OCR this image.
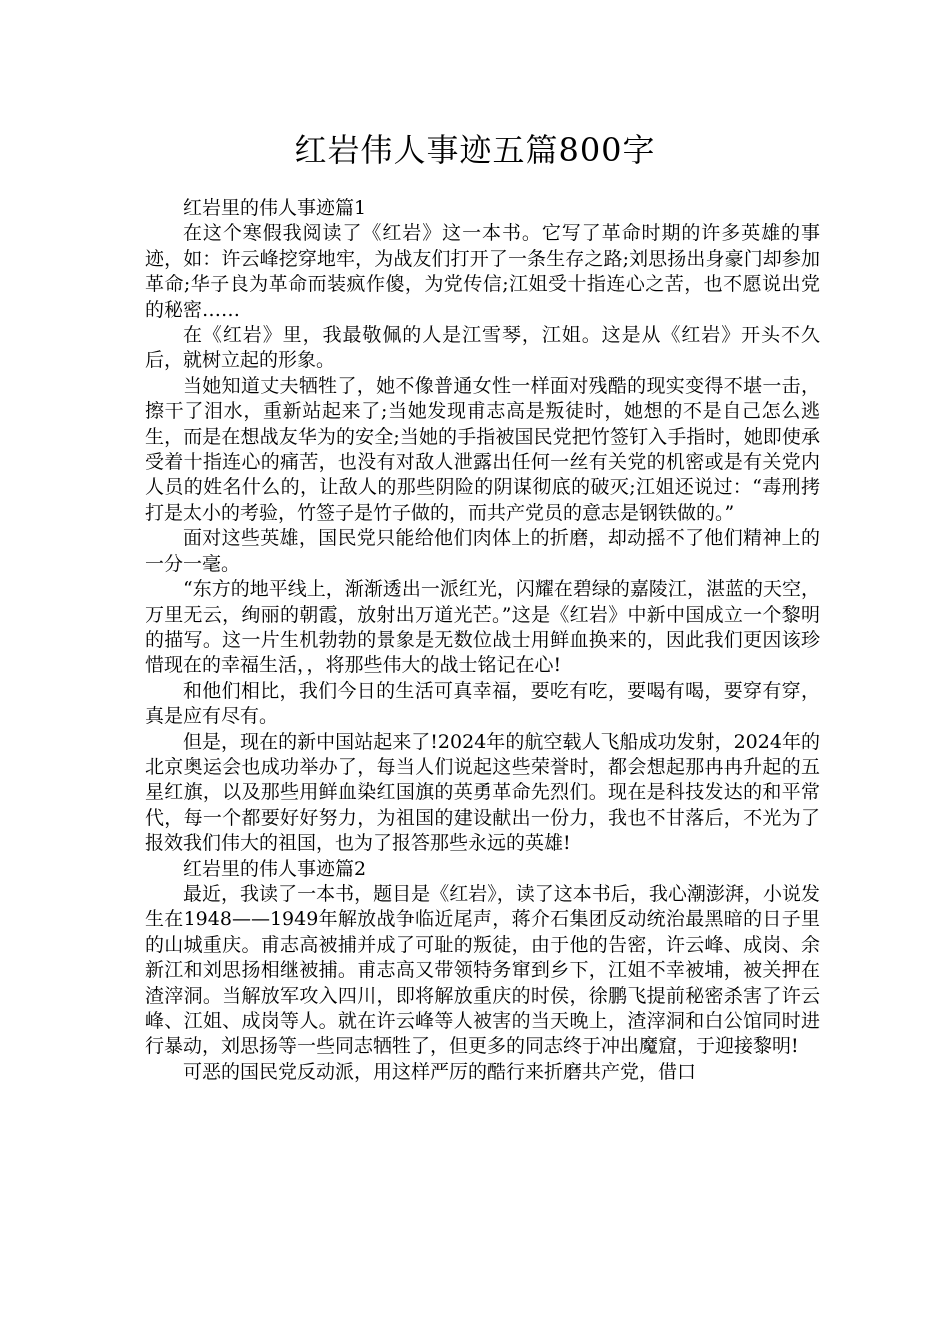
红岩伟人事迹五篇800字

红岩里的伟人事迹篇1

在这个寒假我阅读了《红岩》这一本书。它写了革命时期的许多英雄的事迹，如：许云峰挖穿地牢，为战友们打开了一条生存之路;刘思扬出身豪门却参加革命;华子良为革命而装疯作傻，为党传信;江姐受十指连心之苦，也不愿说出党的秘密……

在《红岩》里，我最敬佩的人是江雪琴，江姐。这是从《红岩》开头不久后，就树立起的形象。

当她知道丈夫牺牲了，她不像普通女性一样面对残酷的现实变得不堪一击，擦干了泪水，重新站起来了;当她发现甫志高是叛徒时，她想的不是自己怎么逃生，而是在想战友华为的安全;当她的手指被国民党把竹签钉入手指时，她即使承受着十指连心的痛苦，也没有对敌人泄露出任何一丝有关党的机密或是有关党内人员的姓名什么的，让敌人的那些阴险的阴谋彻底的破灭;江姐还说过：“毒刑拷打是太小的考验，竹签子是竹子做的，而共产党员的意志是钢铁做的。”

面对这些英雄，国民党只能给他们肉体上的折磨，却动摇不了他们精神上的一分一毫。

“东方的地平线上，渐渐透出一派红光，闪耀在碧绿的嘉陵江，湛蓝的天空，万里无云，绚丽的朝霞，放射出万道光芒。”这是《红岩》中新中国成立一个黎明的描写。这一片生机勃勃的景象是无数位战士用鲜血换来的，因此我们更因该珍惜现在的幸福生活，，将那些伟大的战士铭记在心!

和他们相比，我们今日的生活可真幸福，要吃有吃，要喝有喝，要穿有穿，真是应有尽有。

但是，现在的新中国站起来了!2024年的航空载人飞船成功发射，2024年的北京奥运会也成功举办了，每当人们说起这些荣誉时，都会想起那冉冉升起的五星红旗，以及那些用鲜血染红国旗的英勇革命先烈们。现在是科技发达的和平常代，每一个都要好好努力，为祖国的建设献出一份力，我也不甘落后，不光为了报效我们伟大的祖国，也为了报答那些永远的英雄!

红岩里的伟人事迹篇2

最近，我读了一本书，题目是《红岩》，读了这本书后，我心潮澎湃，小说发生在1948——1949年解放战争临近尾声，蒋介石集团反动统治最黑暗的日子里的山城重庆。甫志高被捕并成了可耻的叛徒，由于他的告密，许云峰、成岗、余新江和刘思扬相继被捕。甫志高又带领特务窜到乡下，江姐不幸被埔，被关押在渣滓洞。当解放军攻入四川，即将解放重庆的时侯，徐鹏飞提前秘密杀害了许云峰、江姐、成岗等人。就在许云峰等人被害的当天晚上，渣滓洞和白公馆同时进行暴动，刘思扬等一些同志牺牲了，但更多的同志终于冲出魔窟，于迎接黎明!

可恶的国民党反动派，用这样严厉的酷行来折磨共产党，借口
